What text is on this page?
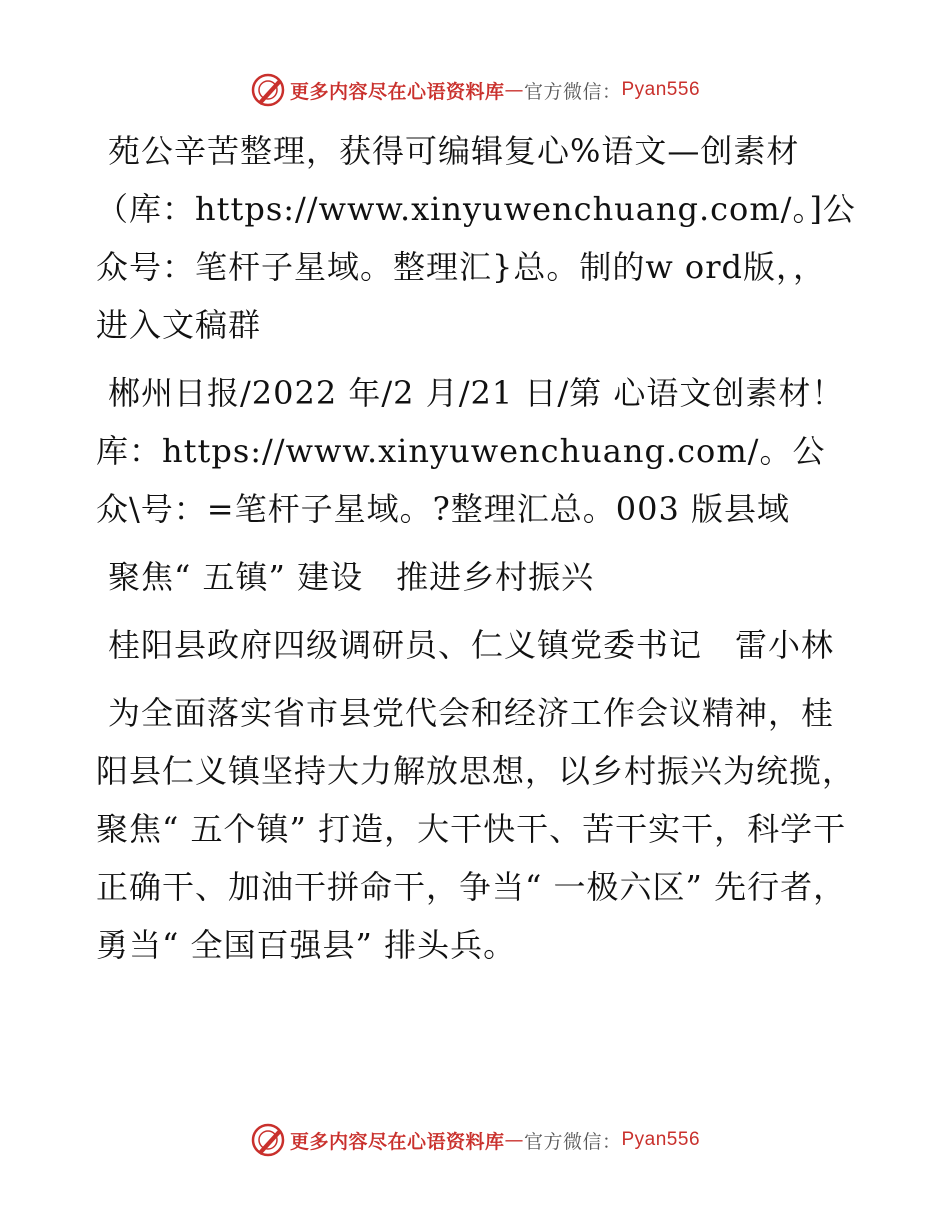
更多内容尽在心语资料库 — 官方微信： Pyan556

苑公辛苦整理，获得可编辑复心%语文—创素材（库：https://www.xinyuwenchuang.com/。]公众号：笔杆子星域。整理汇}总。制的w ord版，，进入文稿群

郴州日报/2022 年/2 月/21 日/第 心语文创素材！库：https://www.xinyuwenchuang.com/。公众\号：=笔杆子星域。?整理汇总。003 版县域

聚焦“ 五镇” 建设　推进乡村振兴

桂阳县政府四级调研员、仁义镇党委书记　雷小林

为全面落实省市县党代会和经济工作会议精神，桂阳县仁义镇坚持大力解放思想，以乡村振兴为统揽，聚焦“ 五个镇” 打造，大干快干、苦干实干，科学干正确干、加油干拼命干，争当“ 一极六区” 先行者，勇当“ 全国百强县” 排头兵。

更多内容尽在心语资料库 — 官方微信： Pyan556
